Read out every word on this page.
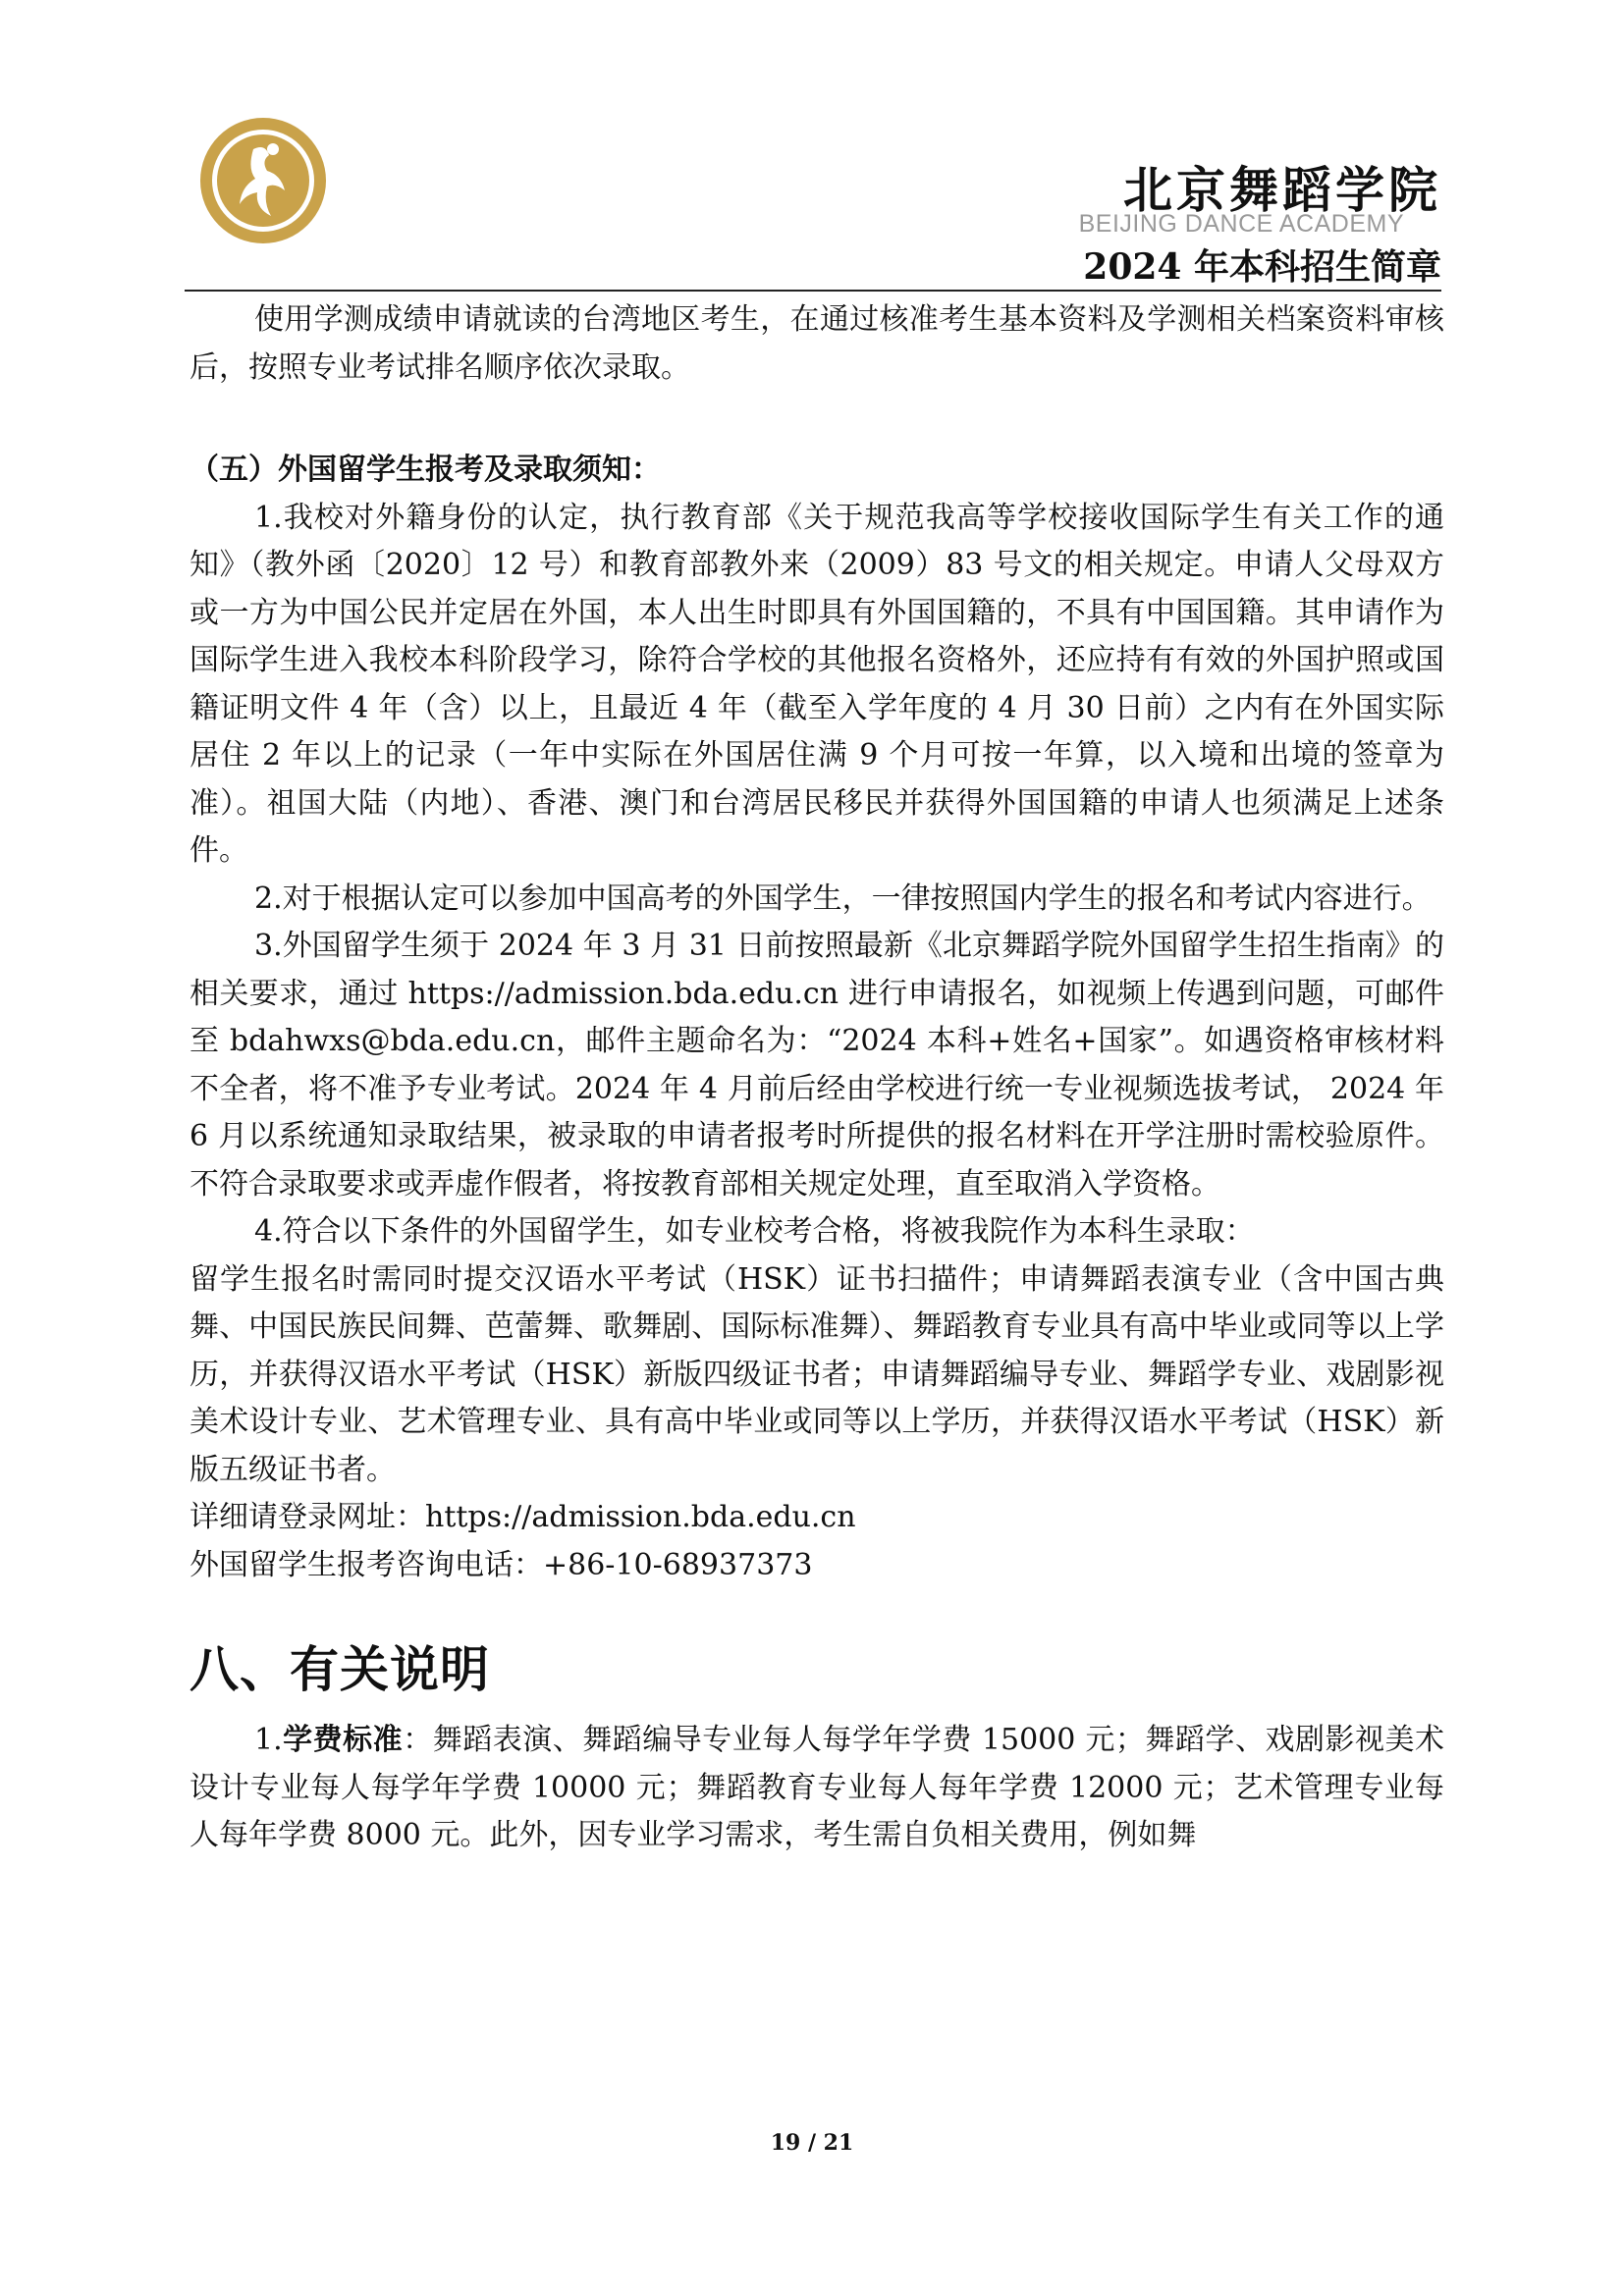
北京舞蹈学院
BEIJING DANCE ACADEMY
2024 年本科招生简章

使用学测成绩申请就读的台湾地区考生，在通过核准考生基本资料及学测相关档案资料审核后，按照专业考试排名顺序依次录取。

（五）外国留学生报考及录取须知：

1.我校对外籍身份的认定，执行教育部《关于规范我高等学校接收国际学生有关工作的通知》（教外函〔2020〕12 号）和教育部教外来（2009）83 号文的相关规定。申请人父母双方或一方为中国公民并定居在外国，本人出生时即具有外国国籍的，不具有中国国籍。其申请作为国际学生进入我校本科阶段学习，除符合学校的其他报名资格外，还应持有有效的外国护照或国籍证明文件 4 年（含）以上，且最近 4 年（截至入学年度的 4 月 30 日前）之内有在外国实际居住 2 年以上的记录（一年中实际在外国居住满 9 个月可按一年算，以入境和出境的签章为准）。祖国大陆（内地）、香港、澳门和台湾居民移民并获得外国国籍的申请人也须满足上述条件。

2.对于根据认定可以参加中国高考的外国学生，一律按照国内学生的报名和考试内容进行。

3.外国留学生须于 2024 年 3 月 31 日前按照最新《北京舞蹈学院外国留学生招生指南》的相关要求，通过 https://admission.bda.edu.cn 进行申请报名，如视频上传遇到问题，可邮件至 bdahwxs@bda.edu.cn，邮件主题命名为：“2024 本科+姓名+国家”。如遇资格审核材料不全者，将不准予专业考试。2024 年 4 月前后经由学校进行统一专业视频选拔考试， 2024 年 6 月以系统通知录取结果，被录取的申请者报考时所提供的报名材料在开学注册时需校验原件。不符合录取要求或弄虚作假者，将按教育部相关规定处理，直至取消入学资格。

4.符合以下条件的外国留学生，如专业校考合格，将被我院作为本科生录取：

留学生报名时需同时提交汉语水平考试（HSK）证书扫描件；申请舞蹈表演专业（含中国古典舞、中国民族民间舞、芭蕾舞、歌舞剧、国际标准舞）、舞蹈教育专业具有高中毕业或同等以上学历，并获得汉语水平考试（HSK）新版四级证书者；申请舞蹈编导专业、舞蹈学专业、戏剧影视美术设计专业、艺术管理专业、具有高中毕业或同等以上学历，并获得汉语水平考试（HSK）新版五级证书者。

详细请登录网址：https://admission.bda.edu.cn

外国留学生报考咨询电话：+86-10-68937373

八、有关说明

1.学费标准：舞蹈表演、舞蹈编导专业每人每学年学费 15000 元；舞蹈学、戏剧影视美术设计专业每人每学年学费 10000 元；舞蹈教育专业每人每年学费 12000 元；艺术管理专业每人每年学费 8000 元。此外，因专业学习需求，考生需自负相关费用，例如舞

19 / 21
